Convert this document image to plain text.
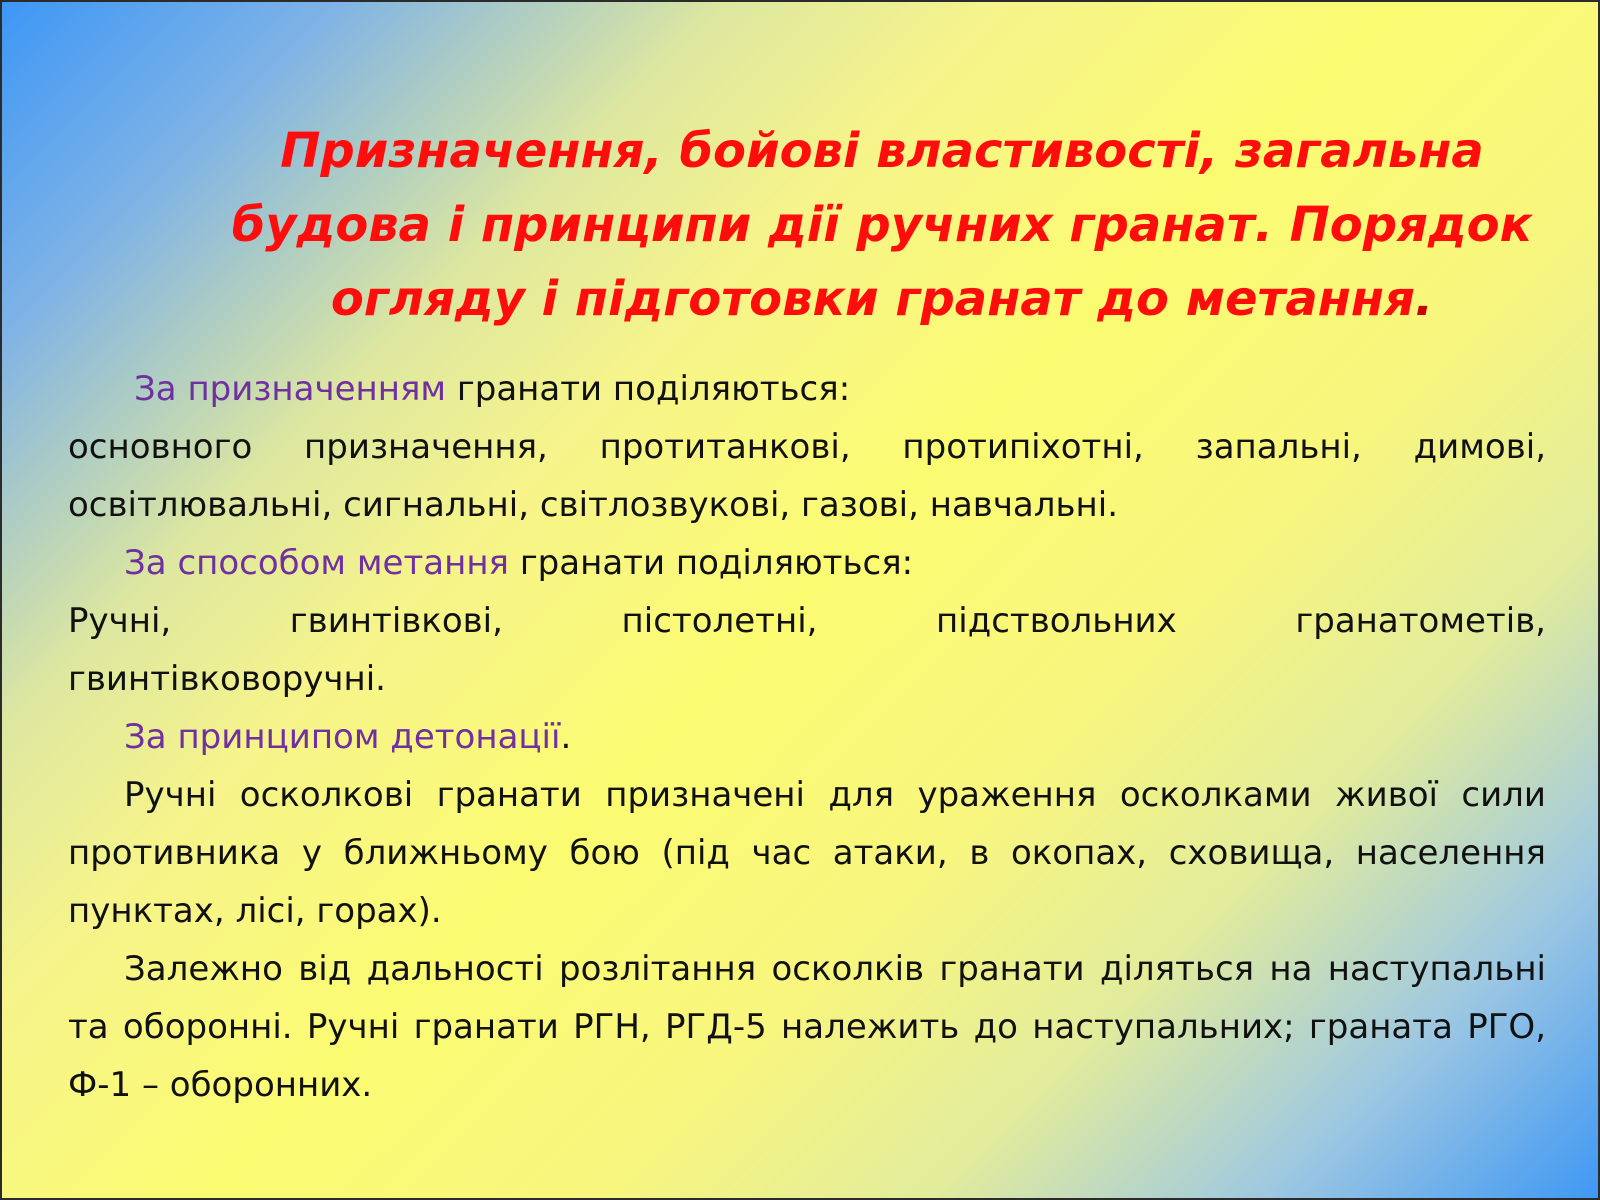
Призначення, бойові властивості, загальна будова і принципи дії ручних гранат. Порядок огляду і підготовки гранат до метання.

За призначенням гранати поділяються:

основного призначення, протитанкові, протипіхотні, запальні, димові, освітлювальні, сигнальні, світлозвукові, газові, навчальні.

За способом метання гранати поділяються:

Ручні, гвинтівкові, пістолетні, підствольних гранатометів,

гвинтівковоручні.

За принципом детонації.

Ручні осколкові гранати призначені для ураження осколками живої сили противника у ближньому бою (під час атаки, в окопах, сховища, населення пунктах, лісі, горах).

Залежно від дальності розлітання осколків гранати діляться на наступальні та оборонні. Ручні гранати РГН, РГД-5 належить до наступальних; граната РГО, Ф-1 – оборонних.
